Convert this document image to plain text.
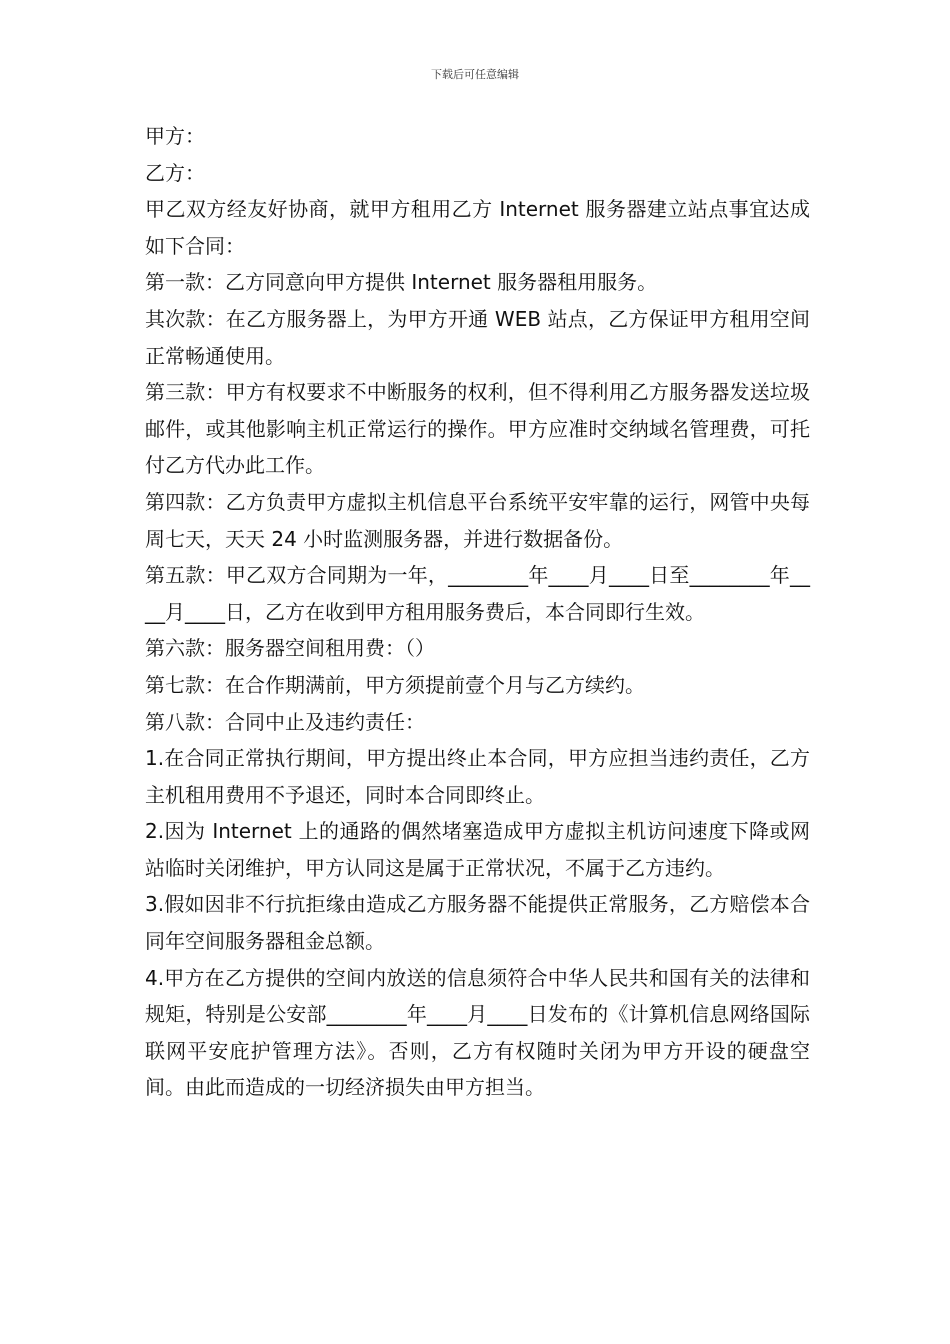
下载后可任意编辑

甲方：

乙方：

甲乙双方经友好协商，就甲方租用乙方 Internet 服务器建立站点事宜达成如下合同：

第一款：乙方同意向甲方提供 Internet 服务器租用服务。

其次款：在乙方服务器上，为甲方开通 WEB 站点，乙方保证甲方租用空间正常畅通使用。

第三款：甲方有权要求不中断服务的权利，但不得利用乙方服务器发送垃圾邮件，或其他影响主机正常运行的操作。甲方应准时交纳域名管理费，可托付乙方代办此工作。

第四款：乙方负责甲方虚拟主机信息平台系统平安牢靠的运行，网管中央每周七天，天天 24 小时监测服务器，并进行数据备份。

第五款：甲乙双方合同期为一年，________年____月____日至________年____月____日，乙方在收到甲方租用服务费后，本合同即行生效。

第六款：服务器空间租用费：（）

第七款：在合作期满前，甲方须提前壹个月与乙方续约。

第八款：合同中止及违约责任：

1.在合同正常执行期间，甲方提出终止本合同，甲方应担当违约责任，乙方主机租用费用不予退还，同时本合同即终止。

2.因为 Internet 上的通路的偶然堵塞造成甲方虚拟主机访问速度下降或网站临时关闭维护，甲方认同这是属于正常状况，不属于乙方违约。

3.假如因非不行抗拒缘由造成乙方服务器不能提供正常服务，乙方赔偿本合同年空间服务器租金总额。

4.甲方在乙方提供的空间内放送的信息须符合中华人民共和国有关的法律和规矩，特别是公安部________年____月____日发布的《计算机信息网络国际联网平安庇护管理方法》。否则，乙方有权随时关闭为甲方开设的硬盘空间。由此而造成的一切经济损失由甲方担当。
